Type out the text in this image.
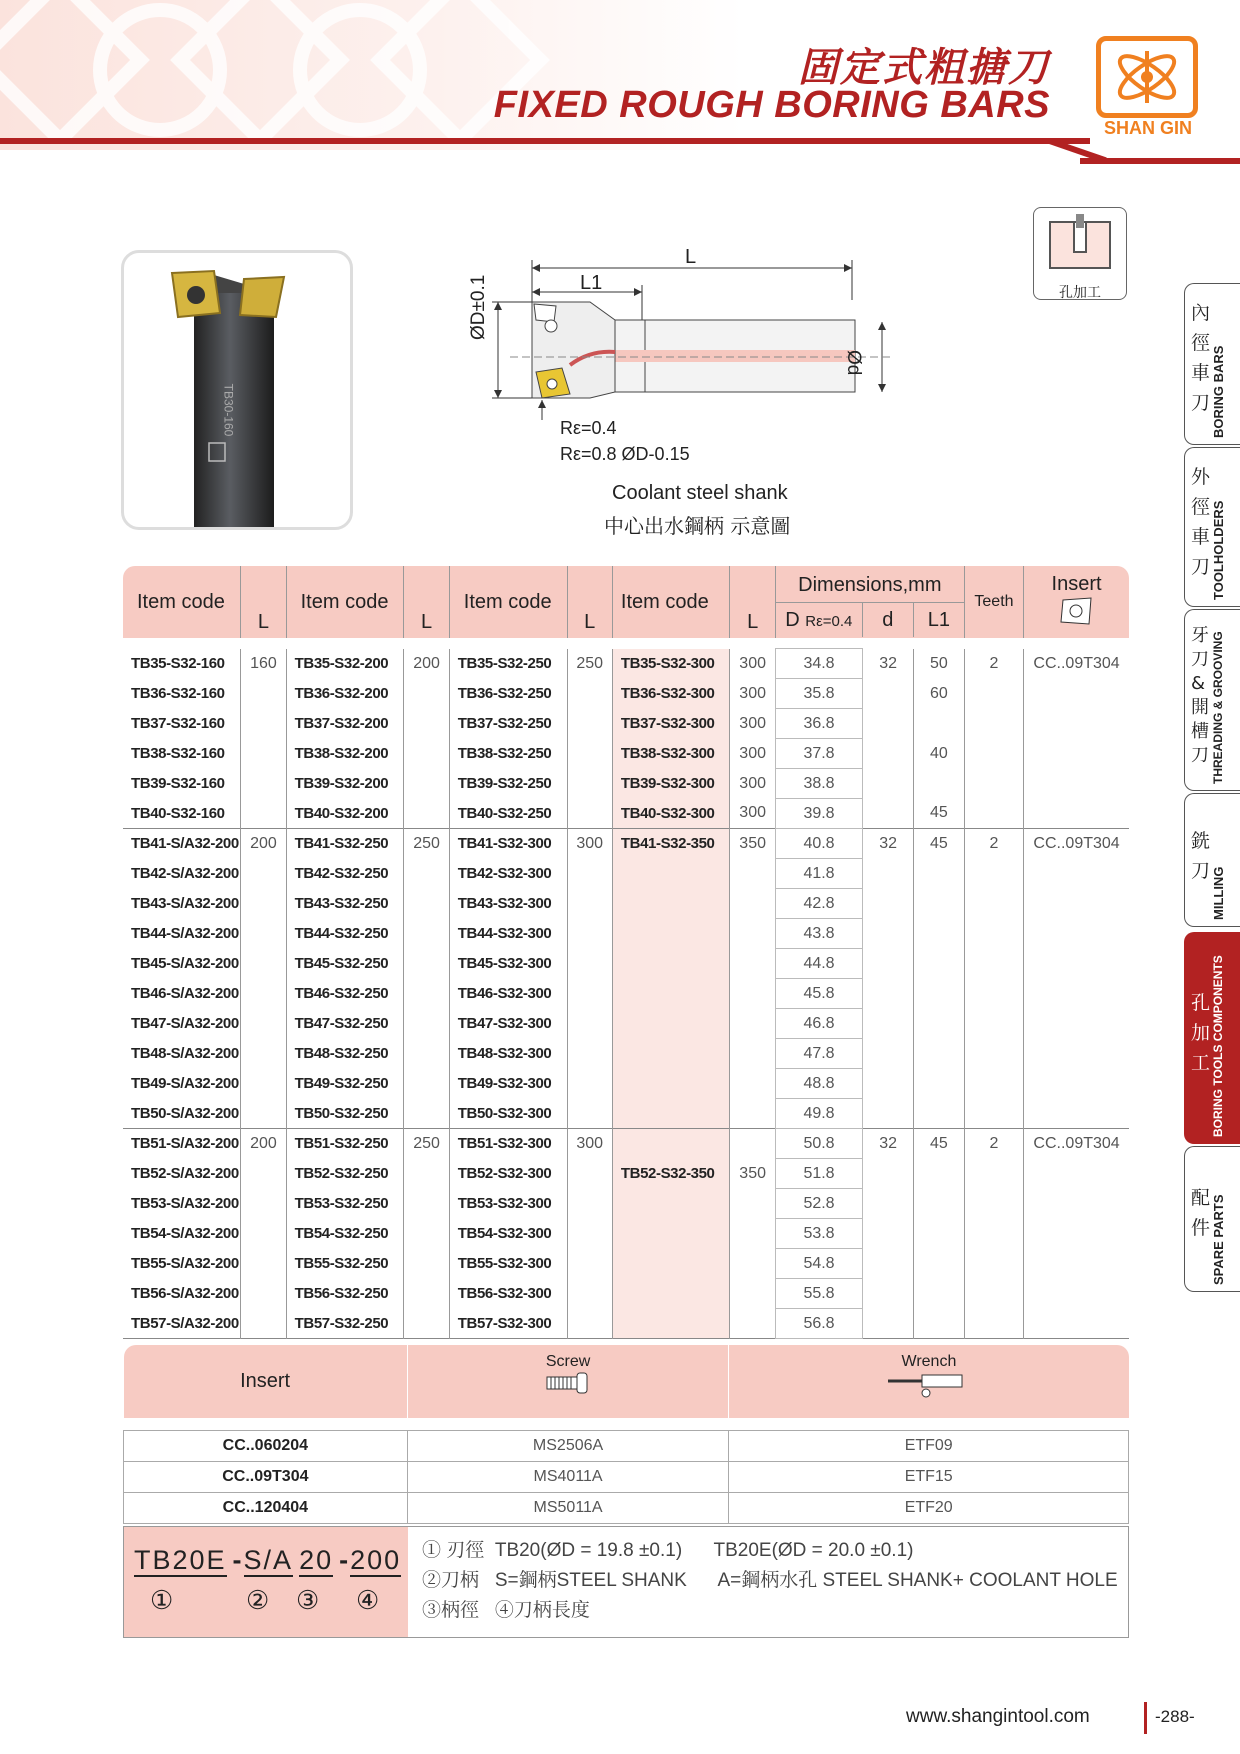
固定式粗搪刀
FIXED ROUGH BORING BARS
SHAN GIN
內徑車刀 BORING BARS
外徑車刀 TOOLHOLDERS
牙刀&開槽刀 THREADING & GROOVING
銑刀 MILLING
孔加工 BORING TOOLS COMPONENTS
配件 SPARE PARTS
TB30-160
孔加工
L
L1
ØD±0.1
Ød
Rε=0.4
Rε=0.8 ØD-0.15
Coolant steel shank
中心出水鋼柄 示意圖
Item code	L	Item code	L	Item code	L	Item code	L	Dimensions,mm
D Rε=0.4 d L1			Teeth	Insert

TB35-S32-160	160	TB35-S32-200	200	TB35-S32-250	250	TB35-S32-300	300	34.8	32	50	2	CC..09T304
TB36-S32-160		TB36-S32-200		TB36-S32-250		TB36-S32-300	300	35.8		60		
TB37-S32-160		TB37-S32-200		TB37-S32-250		TB37-S32-300	300	36.8				
TB38-S32-160		TB38-S32-200		TB38-S32-250		TB38-S32-300	300	37.8		40		
TB39-S32-160		TB39-S32-200		TB39-S32-250		TB39-S32-300	300	38.8				
TB40-S32-160		TB40-S32-200		TB40-S32-250		TB40-S32-300	300	39.8		45		
TB41-S/A32-200	200	TB41-S32-250	250	TB41-S32-300	300	TB41-S32-350	350	40.8	32	45	2	CC..09T304
TB42-S/A32-200		TB42-S32-250		TB42-S32-300				41.8				
TB43-S/A32-200		TB43-S32-250		TB43-S32-300				42.8				
TB44-S/A32-200		TB44-S32-250		TB44-S32-300				43.8				
TB45-S/A32-200		TB45-S32-250		TB45-S32-300				44.8				
TB46-S/A32-200		TB46-S32-250		TB46-S32-300				45.8				
TB47-S/A32-200		TB47-S32-250		TB47-S32-300				46.8				
TB48-S/A32-200		TB48-S32-250		TB48-S32-300				47.8				
TB49-S/A32-200		TB49-S32-250		TB49-S32-300				48.8				
TB50-S/A32-200		TB50-S32-250		TB50-S32-300				49.8				
TB51-S/A32-200	200	TB51-S32-250	250	TB51-S32-300	300			50.8	32	45	2	CC..09T304
TB52-S/A32-200		TB52-S32-250		TB52-S32-300		TB52-S32-350	350	51.8				
TB53-S/A32-200		TB53-S32-250		TB53-S32-300				52.8				
TB54-S/A32-200		TB54-S32-250		TB54-S32-300				53.8				
TB55-S/A32-200		TB55-S32-250		TB55-S32-300				54.8				
TB56-S/A32-200		TB56-S32-250		TB56-S32-300				55.8				
TB57-S/A32-200		TB57-S32-250		TB57-S32-300				56.8				

Insert	Screw	Wrench

CC..060204	MS2506A	ETF09
CC..09T304	MS4011A	ETF15
CC..120404	MS5011A	ETF20
TB20E -S/A 20 -200
①	② ③ ④
① 刃徑  TB20(ØD = 19.8 ±0.1)      TB20E(ØD = 20.0 ±0.1)
②刀柄   S=鋼柄STEEL SHANK      A=鋼柄水孔 STEEL SHANK+ COOLANT HOLE
③柄徑   ④刀柄長度
www.shangintool.com	-288-
